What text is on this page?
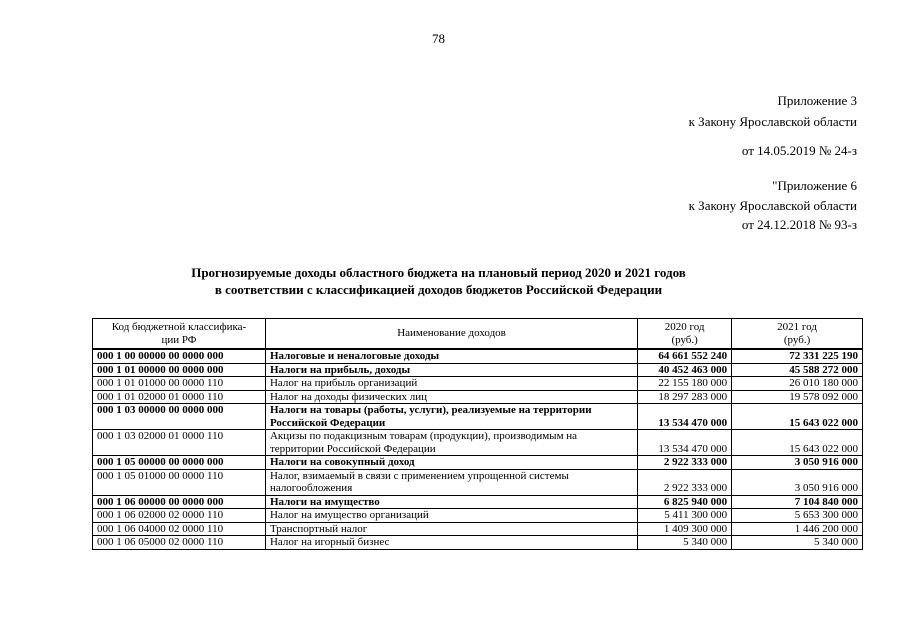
78
Приложение 3
к Закону Ярославской области
от 14.05.2019 № 24-з
"Приложение 6
к Закону Ярославской области
от 24.12.2018 № 93-з
Прогнозируемые доходы областного бюджета на плановый период 2020 и 2021 годов
в соответствии с классификацией доходов бюджетов Российской Федерации
Код бюджетной классифика-ции РФ	Наименование доходов	2020 год (руб.)	2021 год (руб.)
000 1 00 00000 00 0000 000	Налоговые и неналоговые доходы	64 661 552 240	72 331 225 190
000 1 01 00000 00 0000 000	Налоги на прибыль, доходы	40 452 463 000	45 588 272 000
000 1 01 01000 00 0000 110	Налог на прибыль организаций	22 155 180 000	26 010 180 000
000 1 01 02000 01 0000 110	Налог на доходы физических лиц	18 297 283 000	19 578 092 000
000 1 03 00000 00 0000 000	Налоги на товары (работы, услуги), реализуемые на территории Российской Федерации	13 534 470 000	15 643 022 000
000 1 03 02000 01 0000 110	Акцизы по подакцизным товарам (продукции), производимым на территории Российской Федерации	13 534 470 000	15 643 022 000
000 1 05 00000 00 0000 000	Налоги на совокупный доход	2 922 333 000	3 050 916 000
000 1 05 01000 00 0000 110	Налог, взимаемый в связи с применением упрощенной системы налогообложения	2 922 333 000	3 050 916 000
000 1 06 00000 00 0000 000	Налоги на имущество	6 825 940 000	7 104 840 000
000 1 06 02000 02 0000 110	Налог на имущество организаций	5 411 300 000	5 653 300 000
000 1 06 04000 02 0000 110	Транспортный налог	1 409 300 000	1 446 200 000
000 1 06 05000 02 0000 110	Налог на игорный бизнес	5 340 000	5 340 000
